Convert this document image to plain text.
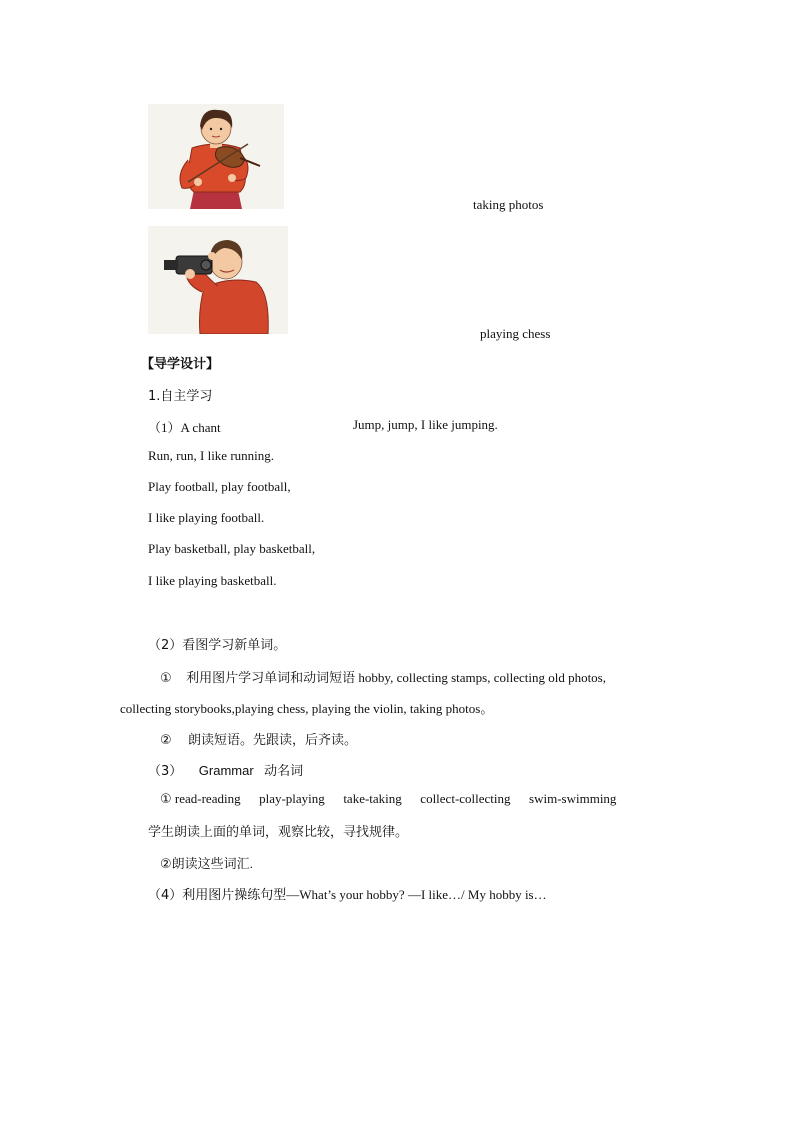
taking photos
playing chess
【导学设计】
1.自主学习
（1）A chant	Jump, jump, I like jumping.
Run, run, I like running.
Play football, play football,
I like playing football.
Play basketball, play basketball,
I like playing basketball.
（2）看图学习新单词。
① 利用图片学习单词和动词短语 hobby, collecting stamps, collecting old photos,
collecting storybooks,playing chess, playing the violin, taking photos。
② 朗读短语。先跟读，后齐读。
（3） Grammar 动名词
① read-reading play-playing take-taking collect-collecting swim-swimming
学生朗读上面的单词，观察比较，寻找规律。
②朗读这些词汇.
（4）利用图片操练句型—What’s your hobby? —I like…/ My hobby is…
